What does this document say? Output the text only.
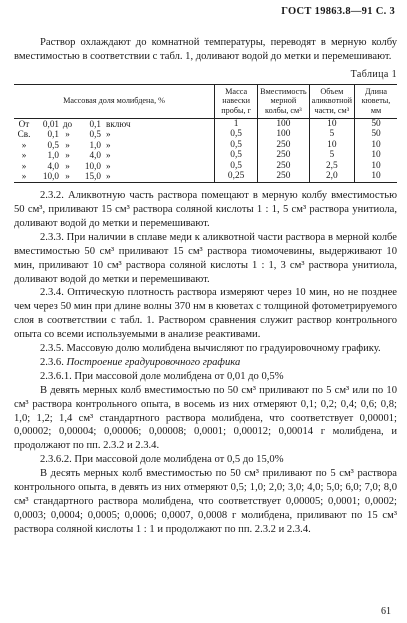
ГОСТ 19863.8—91 С. 3

Раствор охлаждают до комнатной температуры, переводят в мерную колбу вместимостью в соответствии с табл. 1, доливают водой до метки и перемешивают.

Таблица 1
Массовая доля молибдена, %	Масса навески пробы, г	Вместимость мерной колбы, см³	Объем аликвотной части, см³	Длина кюветы, мм
От 0,01 до 0,1 включ	1	100	10	50
Св. 0,1 » 0,5 »	0,5	100	5	50
» 0,5 » 1,0 »	0,5	250	10	10
» 1,0 » 4,0 »	0,5	250	5	10
» 4,0 » 10,0 »	0,5	250	2,5	10
» 10,0 » 15,0 »	0,25	250	2,0	10

2.3.2. Аликвотную часть раствора помещают в мерную колбу вместимостью 50 см³, приливают 15 см³ раствора соляной кислоты 1 : 1, 5 см³ раствора унитиола, доливают водой до метки и перемешивают.

2.3.3. При наличии в сплаве меди к аликвотной части раствора в мерной колбе вместимостью 50 см³ приливают 15 см³ раствора тиомочевины, выдерживают 10 мин, приливают 10 см³ раствора соляной кислоты 1 : 1, 3 см³ раствора унитиола, доливают водой до метки и перемешивают.

2.3.4. Оптическую плотность раствора измеряют через 10 мин, но не позднее чем через 50 мин при длине волны 370 нм в кюветах с толщиной фотометрируемого слоя в соответствии с табл. 1. Раствором сравнения служит раствор контрольного опыта со всеми используемыми в анализе реактивами.

2.3.5. Массовую долю молибдена вычисляют по градуировочному графику.

2.3.6. Построение градуировочного графика

2.3.6.1. При массовой доле молибдена от 0,01 до 0,5%

В девять мерных колб вместимостью по 50 см³ приливают по 5 см³ или по 10 см³ раствора контрольного опыта, в восемь из них отмеряют 0,1; 0,2; 0,4; 0,6; 0,8; 1,0; 1,2; 1,4 см³ стандартного раствора молибдена, что соответствует 0,00001; 0,00002; 0,00004; 0,00006; 0,00008; 0,0001; 0,00012; 0,00014 г молибдена, и продолжают по пп. 2.3.2 и 2.3.4.

2.3.6.2. При массовой доле молибдена от 0,5 до 15,0%

В десять мерных колб вместимостью по 50 см³ приливают по 5 см³ раствора контрольного опыта, в девять из них отмеряют 0,5; 1,0; 2,0; 3,0; 4,0; 5,0; 6,0; 7,0; 8,0 см³ стандартного раствора молибдена, что соответствует 0,00005; 0,0001; 0,0002; 0,0003; 0,0004; 0,0005; 0,0006; 0,0007, 0,0008 г молибдена, приливают по 15 см³ раствора соляной кислоты 1 : 1 и продолжают по пп. 2.3.2 и 2.3.4.

61
